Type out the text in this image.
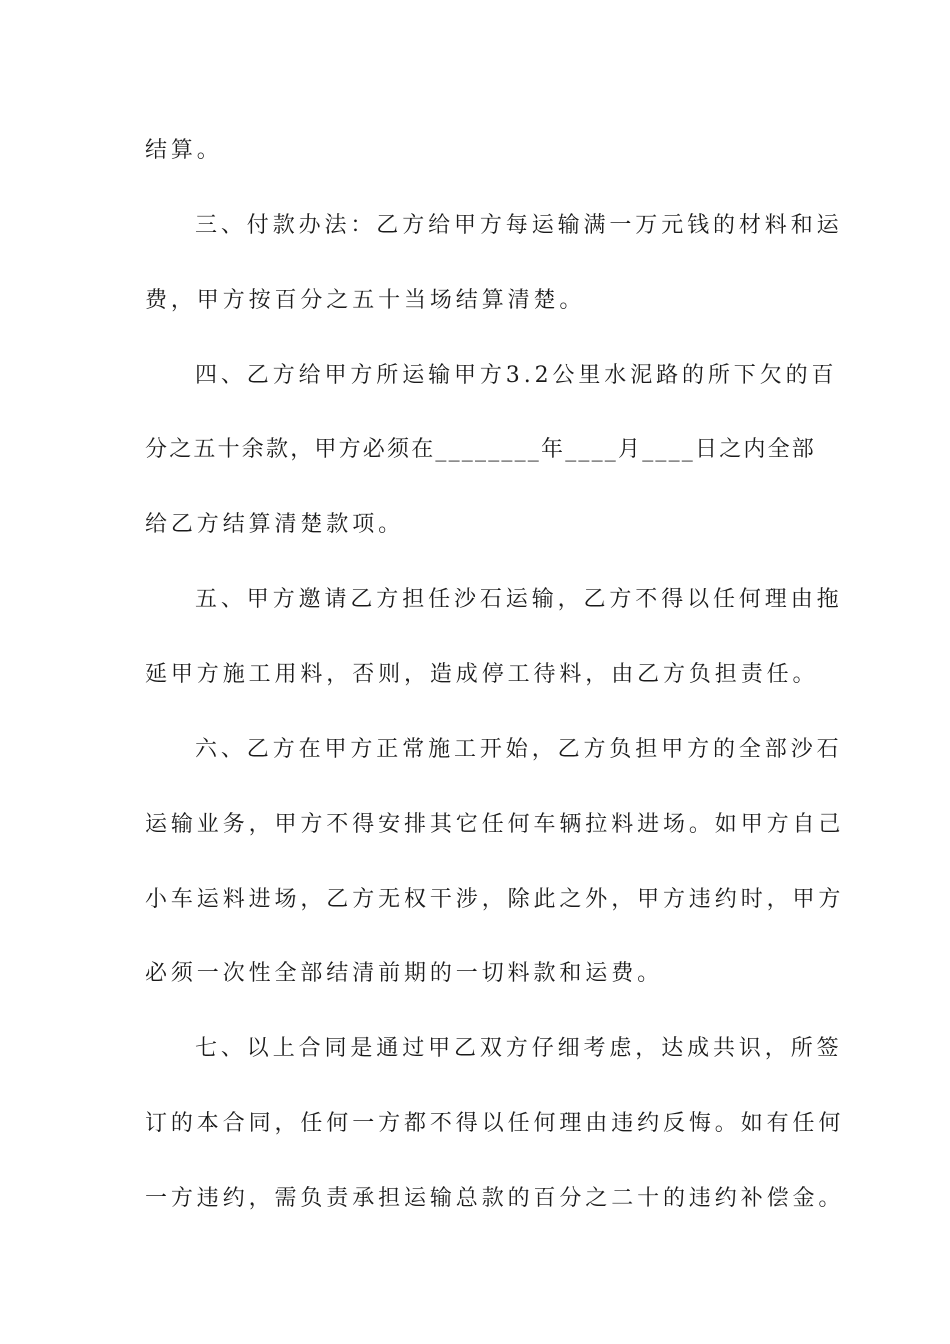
结算。
三、付款办法：乙方给甲方每运输满一万元钱的材料和运
费，甲方按百分之五十当场结算清楚。
四、乙方给甲方所运输甲方3.2公里水泥路的所下欠的百
分之五十余款，甲方必须在________年____月____日之内全部
给乙方结算清楚款项。
五、甲方邀请乙方担任沙石运输，乙方不得以任何理由拖
延甲方施工用料，否则，造成停工待料，由乙方负担责任。
六、乙方在甲方正常施工开始，乙方负担甲方的全部沙石
运输业务，甲方不得安排其它任何车辆拉料进场。如甲方自己
小车运料进场，乙方无权干涉，除此之外，甲方违约时，甲方
必须一次性全部结清前期的一切料款和运费。
七、以上合同是通过甲乙双方仔细考虑，达成共识，所签
订的本合同，任何一方都不得以任何理由违约反悔。如有任何
一方违约，需负责承担运输总款的百分之二十的违约补偿金。
